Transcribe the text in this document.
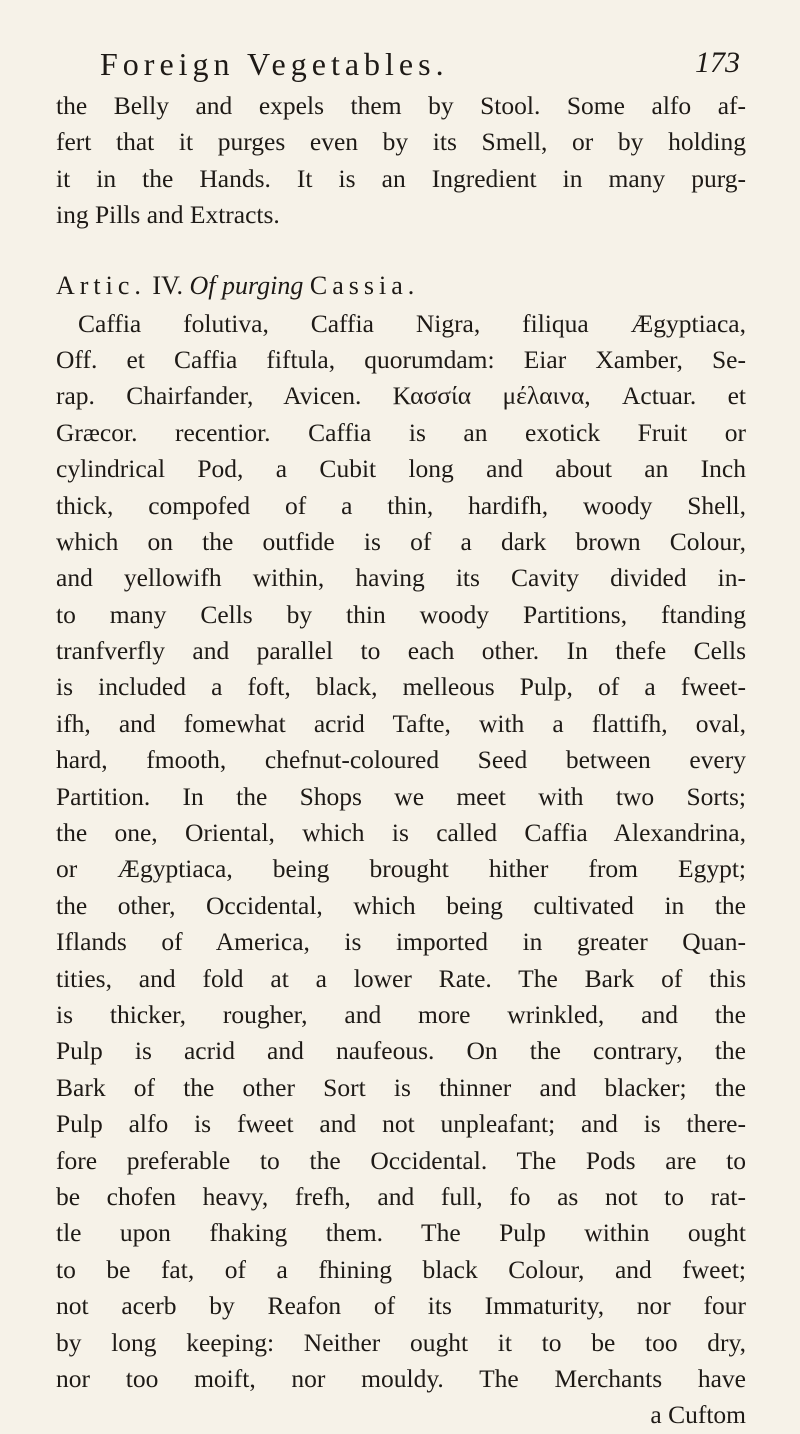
Foreign Vegetables.	173
the Belly and expels them by Stool. Some alfo af-
fert that it purges even by its Smell, or by holding
it in the Hands. It is an Ingredient in many purg-
ing Pills and Extracts.
Artic. IV. Of purging Cassia.
Caffia folutiva, Caffia Nigra, filiqua Ægyptiaca,
Off. et Caffia fiftula, quorumdam: Eiar Xamber, Se-
rap. Chairfander, Avicen. Κασσία μέλαινα, Actuar. et
Græcor. recentior. Caffia is an exotick Fruit or
cylindrical Pod, a Cubit long and about an Inch
thick, compofed of a thin, hardifh, woody Shell,
which on the outfide is of a dark brown Colour,
and yellowifh within, having its Cavity divided in-
to many Cells by thin woody Partitions, ftanding
tranfverfly and parallel to each other. In thefe Cells
is included a foft, black, melleous Pulp, of a fweet-
ifh, and fomewhat acrid Tafte, with a flattifh, oval,
hard, fmooth, chefnut-coloured Seed between every
Partition. In the Shops we meet with two Sorts;
the one, Oriental, which is called Caffia Alexandrina,
or Ægyptiaca, being brought hither from Egypt;
the other, Occidental, which being cultivated in the
Iflands of America, is imported in greater Quan-
tities, and fold at a lower Rate. The Bark of this
is thicker, rougher, and more wrinkled, and the
Pulp is acrid and naufeous. On the contrary, the
Bark of the other Sort is thinner and blacker; the
Pulp alfo is fweet and not unpleafant; and is there-
fore preferable to the Occidental. The Pods are to
be chofen heavy, frefh, and full, fo as not to rat-
tle upon fhaking them. The Pulp within ought
to be fat, of a fhining black Colour, and fweet;
not acerb by Reafon of its Immaturity, nor four
by long keeping: Neither ought it to be too dry,
nor too moift, nor mouldy. The Merchants have
a Cuftom
